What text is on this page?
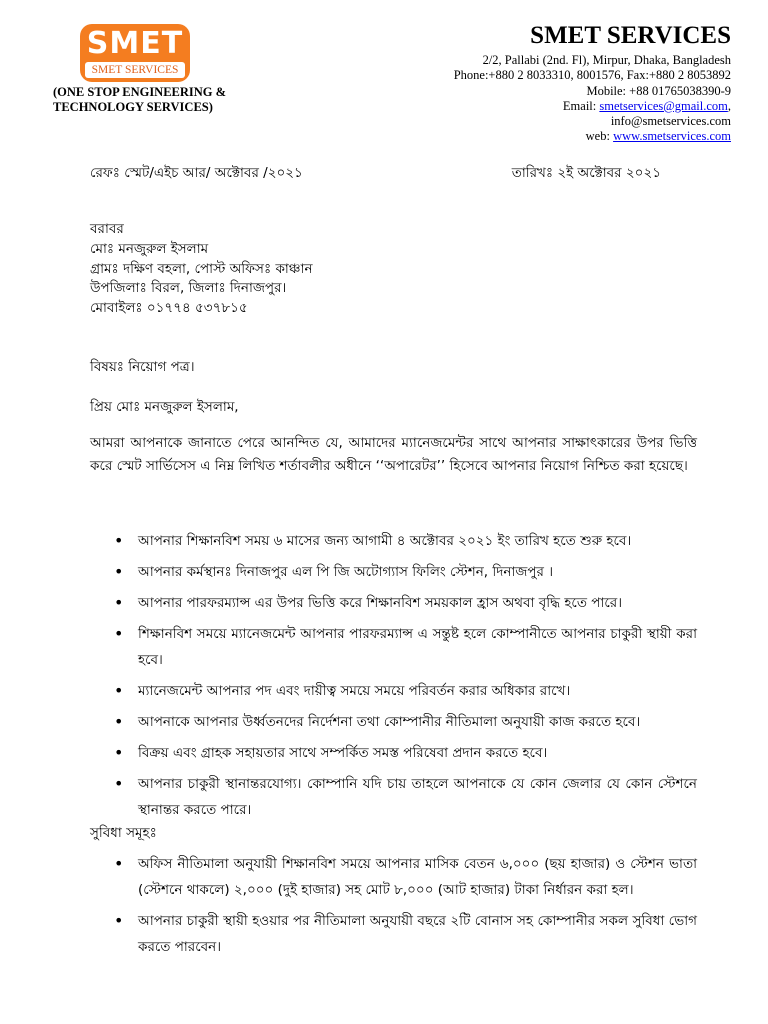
SMET
SMET SERVICES
(ONE STOP ENGINEERING &
TECHNOLOGY SERVICES)
SMET SERVICES
2/2, Pallabi (2nd. Fl), Mirpur, Dhaka, Bangladesh
Phone:+880 2 8033310, 8001576, Fax:+880 2 8053892
Mobile: +88 01765038390-9
Email: smetservices@gmail.com,
info@smetservices.com
web: www.smetservices.com
রেফঃ স্মেট/এইচ আর/ অক্টোবর /২০২১	তারিখঃ ২ই অক্টোবর ২০২১
বরাবর
মোঃ মনজুরুল ইসলাম
গ্রামঃ দক্ষিণ বহলা, পোস্ট অফিসঃ কাঞ্চান
উপজিলাঃ বিরল, জিলাঃ দিনাজপুর।
মোবাইলঃ ০১৭৭৪ ৫৩৭৮১৫
বিষয়ঃ নিয়োগ পত্র।
প্রিয় মোঃ মনজুরুল ইসলাম,
আমরা আপনাকে জানাতে পেরে আনন্দিত যে, আমাদের ম্যানেজমেন্টর সাথে আপনার সাক্ষাৎকারের উপর ভিত্তি করে স্মেট সার্ভিসেস এ নিম্ন লিখিত শর্তাবলীর অধীনে ‘‘অপারেটর’’ হিসেবে আপনার নিয়োগ নিশ্চিত করা হয়েছে।
• আপনার শিক্ষানবিশ সময় ৬ মাসের জন্য আগামী ৪ অক্টোবর ২০২১ ইং তারিখ হতে শুরু হবে।
• আপনার কর্মস্থানঃ দিনাজপুর এল পি জি অটোগ্যাস ফিলিং স্টেশন, দিনাজপুর ।
• আপনার পারফরম্যান্স এর উপর ভিত্তি করে শিক্ষানবিশ সময়কাল হ্রাস অথবা বৃদ্ধি হতে পারে।
• শিক্ষানবিশ সময়ে ম্যানেজমেন্ট আপনার পারফরম্যান্স এ সন্তুষ্ট হলে কোম্পানীতে আপনার চাকুরী স্থায়ী করা হবে।
• ম্যানেজমেন্ট আপনার পদ এবং দায়ীত্ব সময়ে সময়ে পরিবর্তন করার অধিকার রাখে।
• আপনাকে আপনার উর্ধ্বতনদের নির্দেশনা তথা কোম্পানীর নীতিমালা অনুযায়ী কাজ করতে হবে।
• বিক্রয় এবং গ্রাহক সহায়তার সাথে সম্পর্কিত সমস্ত পরিষেবা প্রদান করতে হবে।
• আপনার চাকুরী স্থানান্তরযোগ্য। কোম্পানি যদি চায় তাহলে আপনাকে যে কোন জেলার যে কোন স্টেশনে স্থানান্তর করতে পারে।
সুবিধা সমূহঃ
• অফিস নীতিমালা অনুযায়ী শিক্ষানবিশ সময়ে আপনার মাসিক বেতন ৬,০০০ (ছয় হাজার) ও স্টেশন ভাতা (স্টেশনে থাকলে) ২,০০০ (দুই হাজার) সহ মোট ৮,০০০ (আট হাজার) টাকা নির্ধারন করা হল।
• আপনার চাকুরী স্থায়ী হওয়ার পর নীতিমালা অনুযায়ী বছরে ২টি বোনাস সহ কোম্পানীর সকল সুবিধা ভোগ করতে পারবেন।
